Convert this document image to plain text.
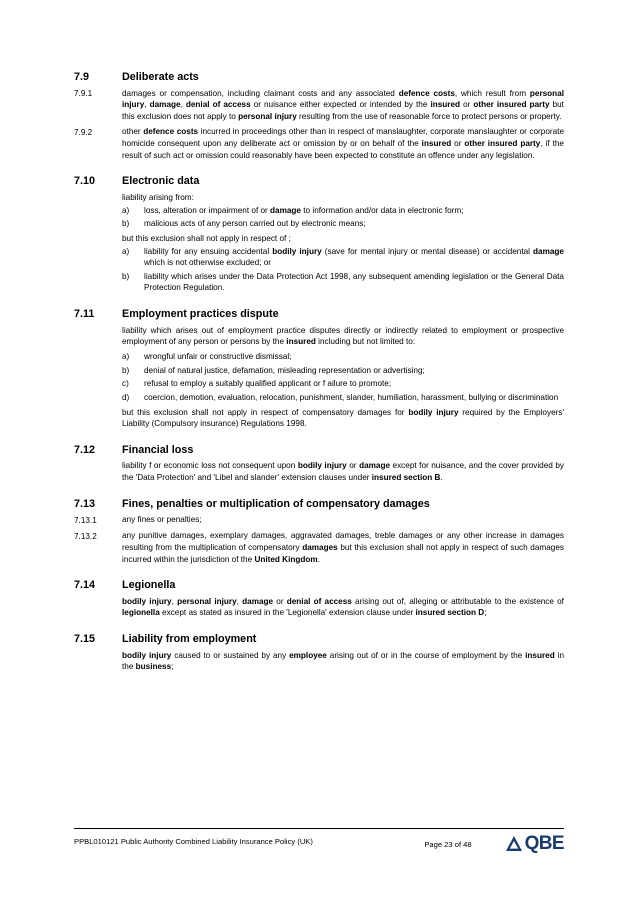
7.9	Deliberate acts
7.9.1	damages or compensation, including claimant costs and any associated defence costs, which result from personal injury, damage, denial of access or nuisance either expected or intended by the insured or other insured party but this exclusion does not apply to personal injury resulting from the use of reasonable force to protect persons or property.
7.9.2	other defence costs incurred in proceedings other than in respect of manslaughter, corporate manslaughter or corporate homicide consequent upon any deliberate act or omission by or on behalf of the insured or other insured party, if the result of such act or omission could reasonably have been expected to constitute an offence under any legislation.
7.10	Electronic data
liability arising from:
a)	loss, alteration or impairment of or damage to information and/or data in electronic form;
b)	malicious acts of any person carried out by electronic means;
but this exclusion shall not apply in respect of ;
a)	liability for any ensuing accidental bodily injury (save for mental injury or mental disease) or accidental damage which is not otherwise excluded; or
b)	liability which arises under the Data Protection Act 1998, any subsequent amending legislation or the General Data Protection Regulation.
7.11	Employment practices dispute
liability which arises out of employment practice disputes directly or indirectly related to employment or prospective employment of any person or persons by the insured including but not limited to:
a)	wrongful unfair or constructive dismissal;
b)	denial of natural justice, defamation, misleading representation or advertising;
c)	refusal to employ a suitably qualified applicant or f ailure to promote;
d)	coercion, demotion, evaluation, relocation, punishment, slander, humiliation, harassment, bullying or discrimination
but this exclusion shall not apply in respect of compensatory damages for bodily injury required by the Employers' Liability (Compulsory insurance) Regulations 1998.
7.12	Financial loss
liability f or economic loss not consequent upon bodily injury or damage except for nuisance, and the cover provided by the 'Data Protection' and 'Libel and slander' extension clauses under insured section B.
7.13	Fines, penalties or multiplication of compensatory damages
7.13.1	any fines or penalties;
7.13.2	any punitive damages, exemplary damages, aggravated damages, treble damages or any other increase in damages resulting from the multiplication of compensatory damages but this exclusion shall not apply in respect of such damages incurred within the jurisdiction of the United Kingdom.
7.14	Legionella
bodily injury, personal injury, damage or denial of access arising out of, alleging or attributable to the existence of legionella except as stated as insured in the 'Legionella' extension clause under insured section D;
7.15	Liability from employment
bodily injury caused to or sustained by any employee arising out of or in the course of employment by the insured in the business;
PPBL010121 Public Authority Combined Liability Insurance Policy (UK)	Page 23 of 48	QBE
